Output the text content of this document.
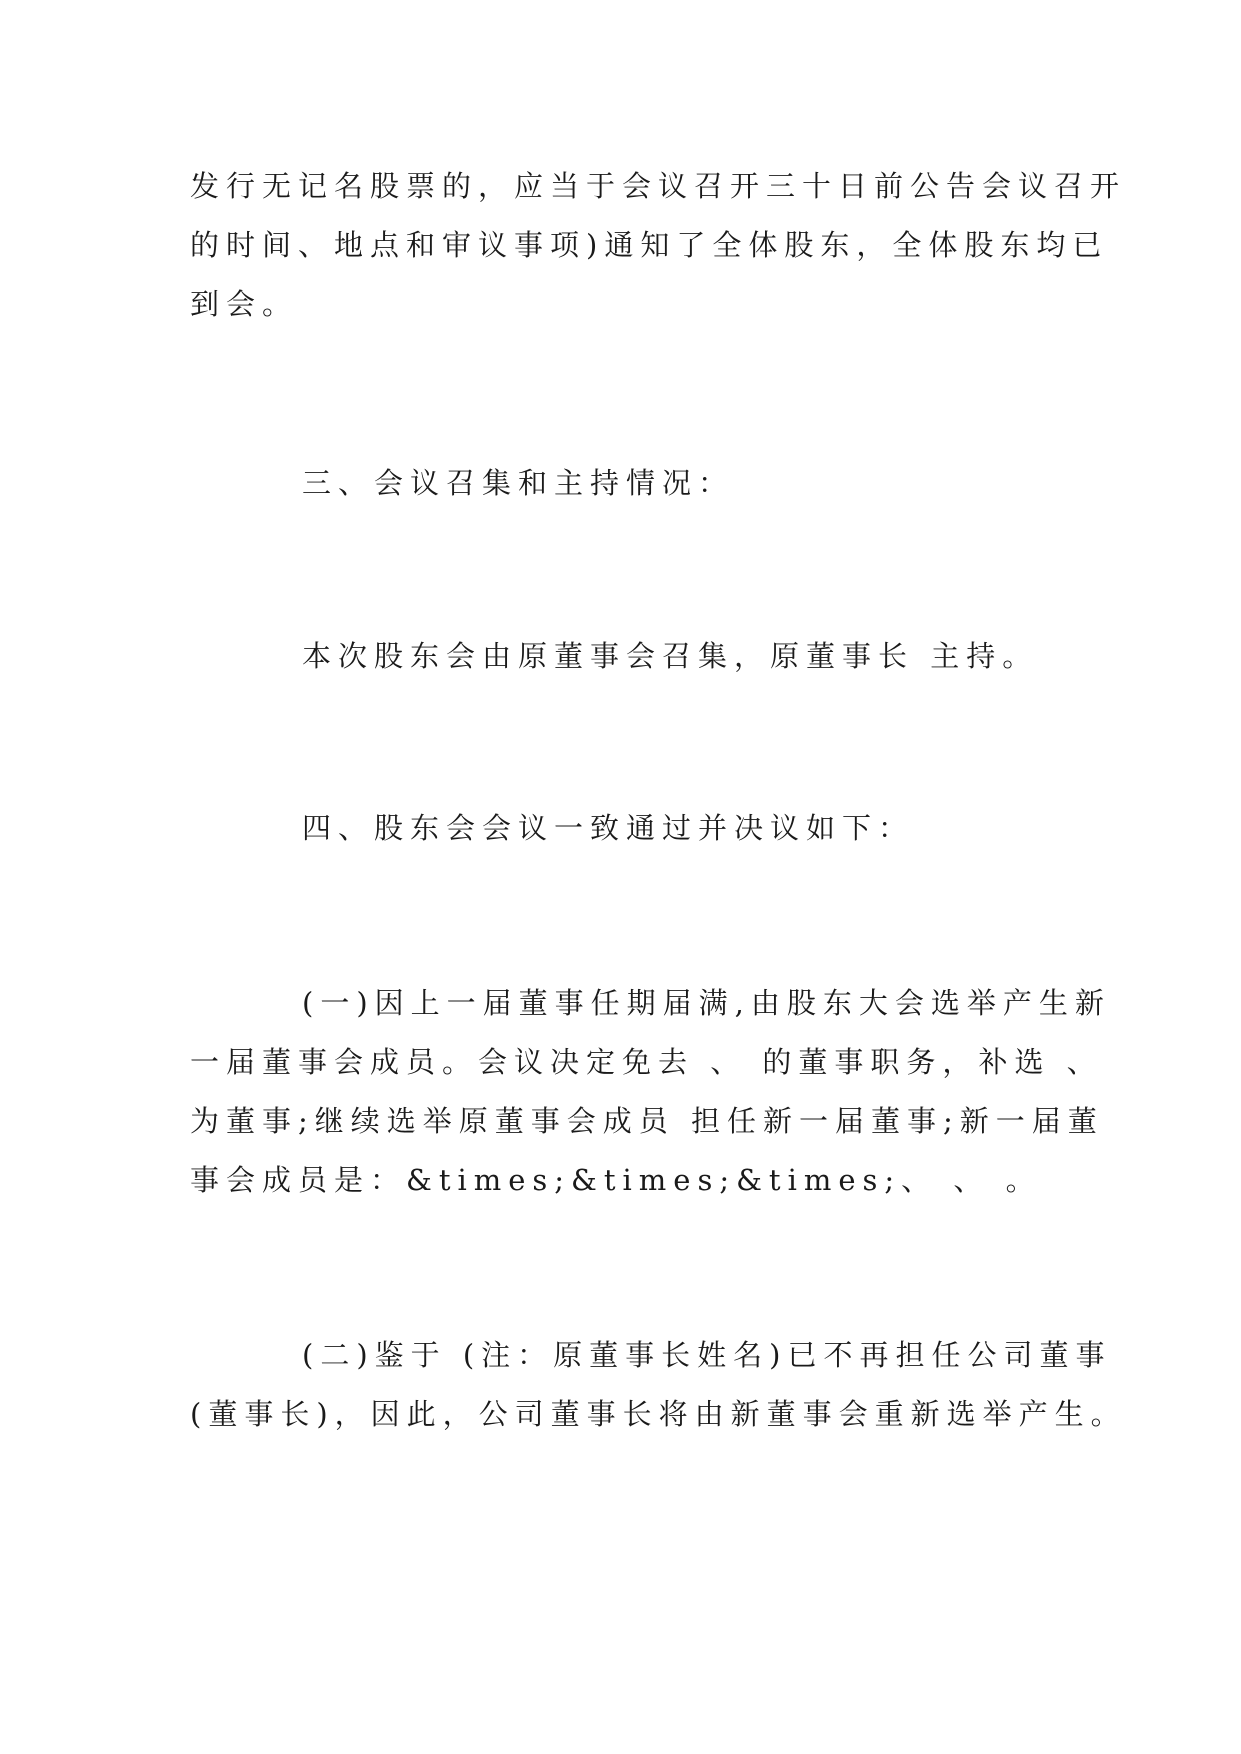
发行无记名股票的，应当于会议召开三十日前公告会议召开
的时间、地点和审议事项)通知了全体股东，全体股东均已
到会。
三、会议召集和主持情况：
本次股东会由原董事会召集，原董事长 主持。
四、股东会会议一致通过并决议如下：
(一)因上一届董事任期届满,由股东大会选举产生新
一届董事会成员。会议决定免去 、 的董事职务，补选 、
为董事;继续选举原董事会成员 担任新一届董事;新一届董
事会成员是：&times;&times;&times;、 、 。
(二)鉴于 (注：原董事长姓名)已不再担任公司董事
(董事长)，因此，公司董事长将由新董事会重新选举产生。
